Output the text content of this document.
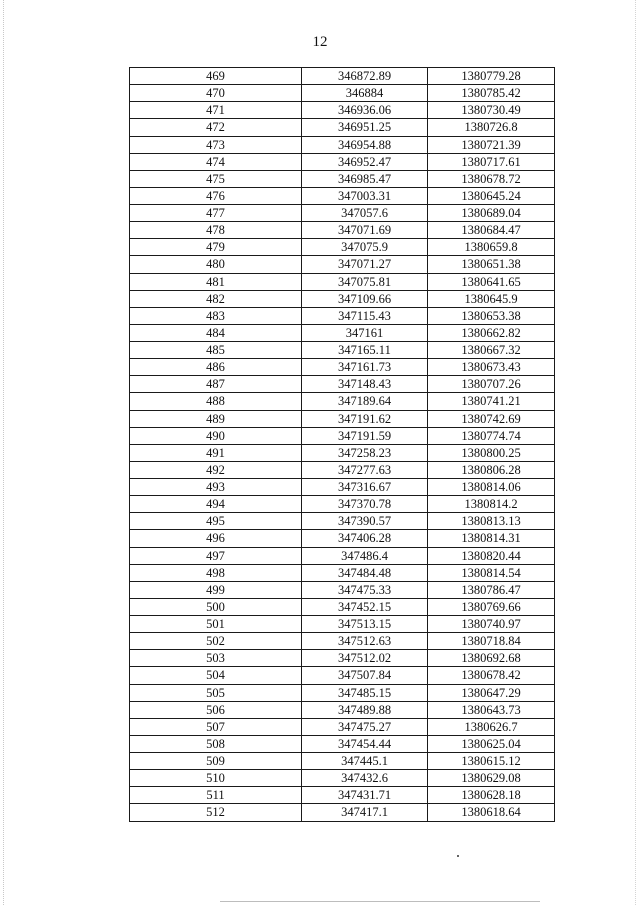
12
469	346872.89	1380779.28
470	346884	1380785.42
471	346936.06	1380730.49
472	346951.25	1380726.8
473	346954.88	1380721.39
474	346952.47	1380717.61
475	346985.47	1380678.72
476	347003.31	1380645.24
477	347057.6	1380689.04
478	347071.69	1380684.47
479	347075.9	1380659.8
480	347071.27	1380651.38
481	347075.81	1380641.65
482	347109.66	1380645.9
483	347115.43	1380653.38
484	347161	1380662.82
485	347165.11	1380667.32
486	347161.73	1380673.43
487	347148.43	1380707.26
488	347189.64	1380741.21
489	347191.62	1380742.69
490	347191.59	1380774.74
491	347258.23	1380800.25
492	347277.63	1380806.28
493	347316.67	1380814.06
494	347370.78	1380814.2
495	347390.57	1380813.13
496	347406.28	1380814.31
497	347486.4	1380820.44
498	347484.48	1380814.54
499	347475.33	1380786.47
500	347452.15	1380769.66
501	347513.15	1380740.97
502	347512.63	1380718.84
503	347512.02	1380692.68
504	347507.84	1380678.42
505	347485.15	1380647.29
506	347489.88	1380643.73
507	347475.27	1380626.7
508	347454.44	1380625.04
509	347445.1	1380615.12
510	347432.6	1380629.08
511	347431.71	1380628.18
512	347417.1	1380618.64
